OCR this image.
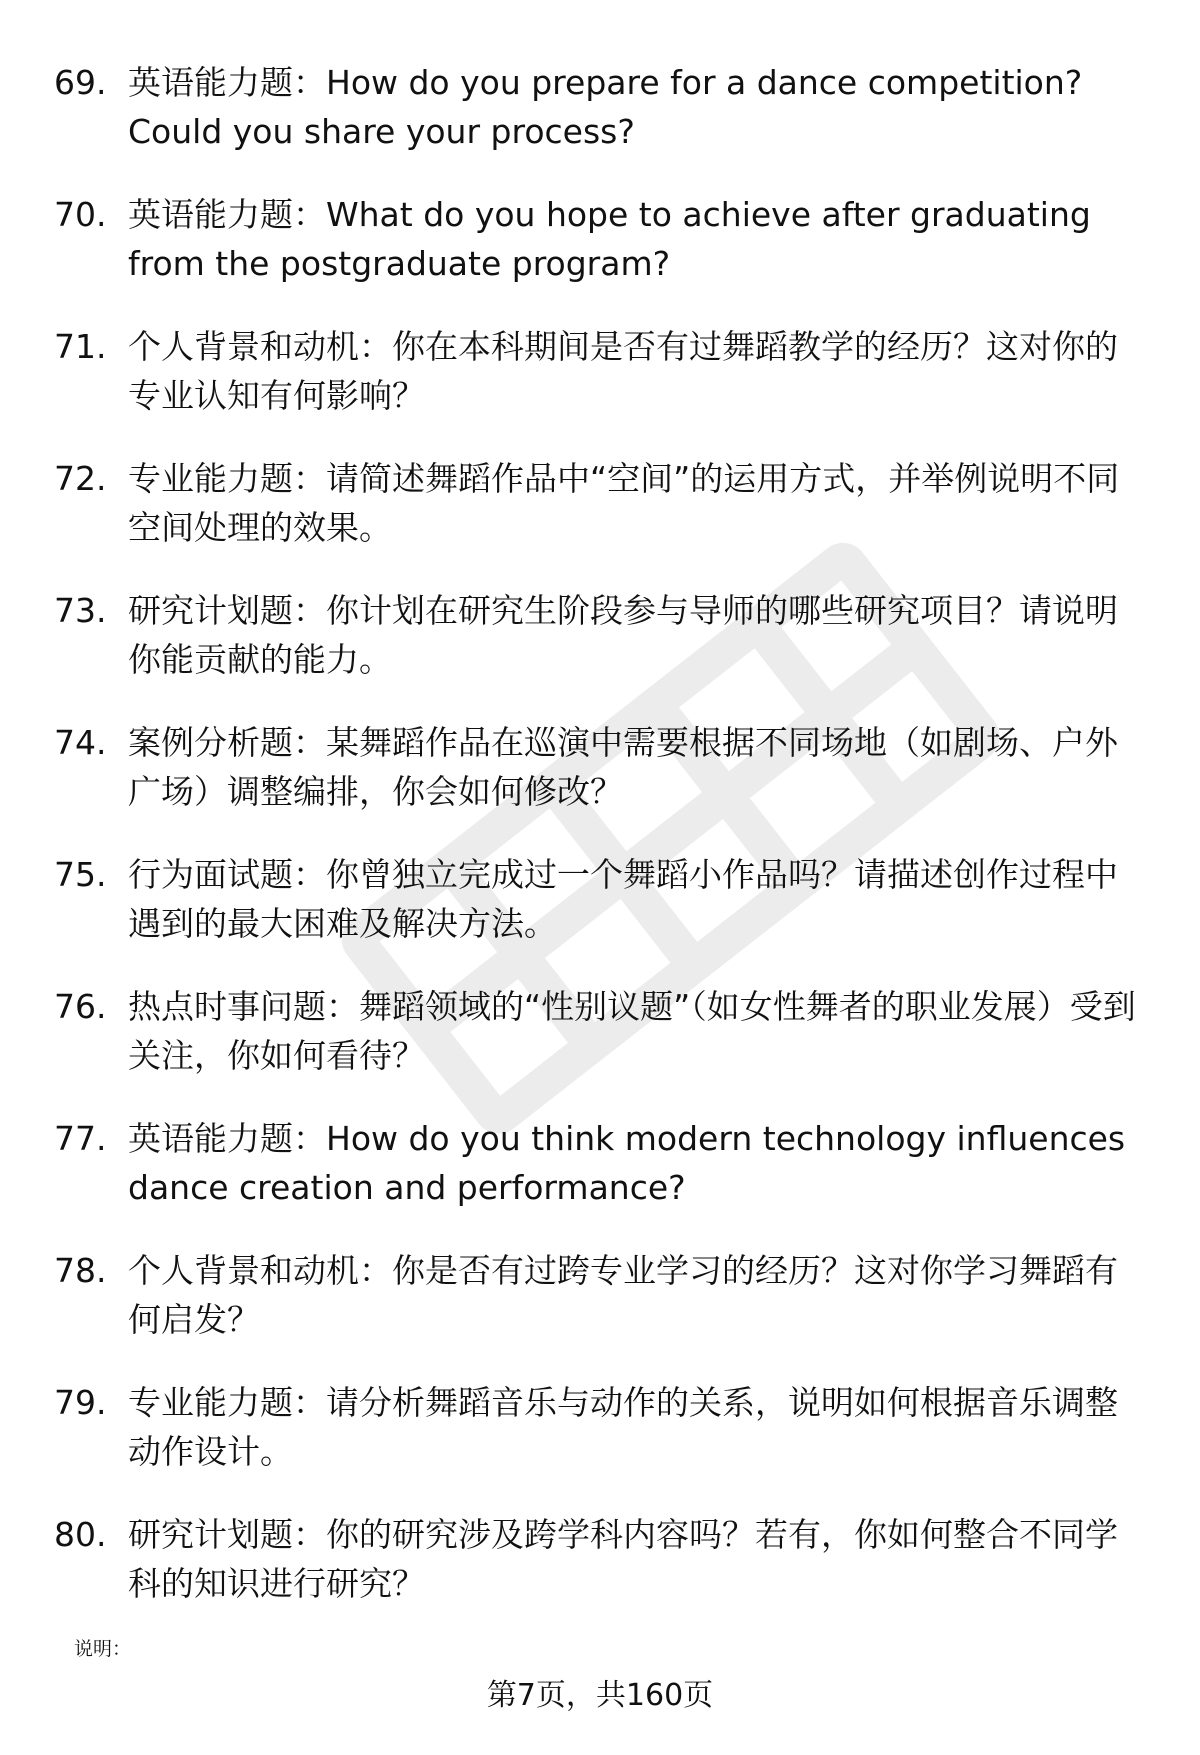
69. 英语能力题：How do you prepare for a dance competition? Could you share your process?
70. 英语能力题：What do you hope to achieve after graduating from the postgraduate program?
71. 个人背景和动机：你在本科期间是否有过舞蹈教学的经历？这对你的专业认知有何影响？
72. 专业能力题：请简述舞蹈作品中“空间”的运用方式，并举例说明不同空间处理的效果。
73. 研究计划题：你计划在研究生阶段参与导师的哪些研究项目？请说明你能贡献的能力。
74. 案例分析题：某舞蹈作品在巡演中需要根据不同场地（如剧场、户外广场）调整编排，你会如何修改？
75. 行为面试题：你曾独立完成过一个舞蹈小作品吗？请描述创作过程中遇到的最大困难及解决方法。
76. 热点时事问题：舞蹈领域的“性别议题”（如女性舞者的职业发展）受到关注，你如何看待？
77. 英语能力题：How do you think modern technology influences dance creation and performance?
78. 个人背景和动机：你是否有过跨专业学习的经历？这对你学习舞蹈有何启发？
79. 专业能力题：请分析舞蹈音乐与动作的关系，说明如何根据音乐调整动作设计。
80. 研究计划题：你的研究涉及跨学科内容吗？若有，你如何整合不同学科的知识进行研究？
说明：
第7页，共160页
